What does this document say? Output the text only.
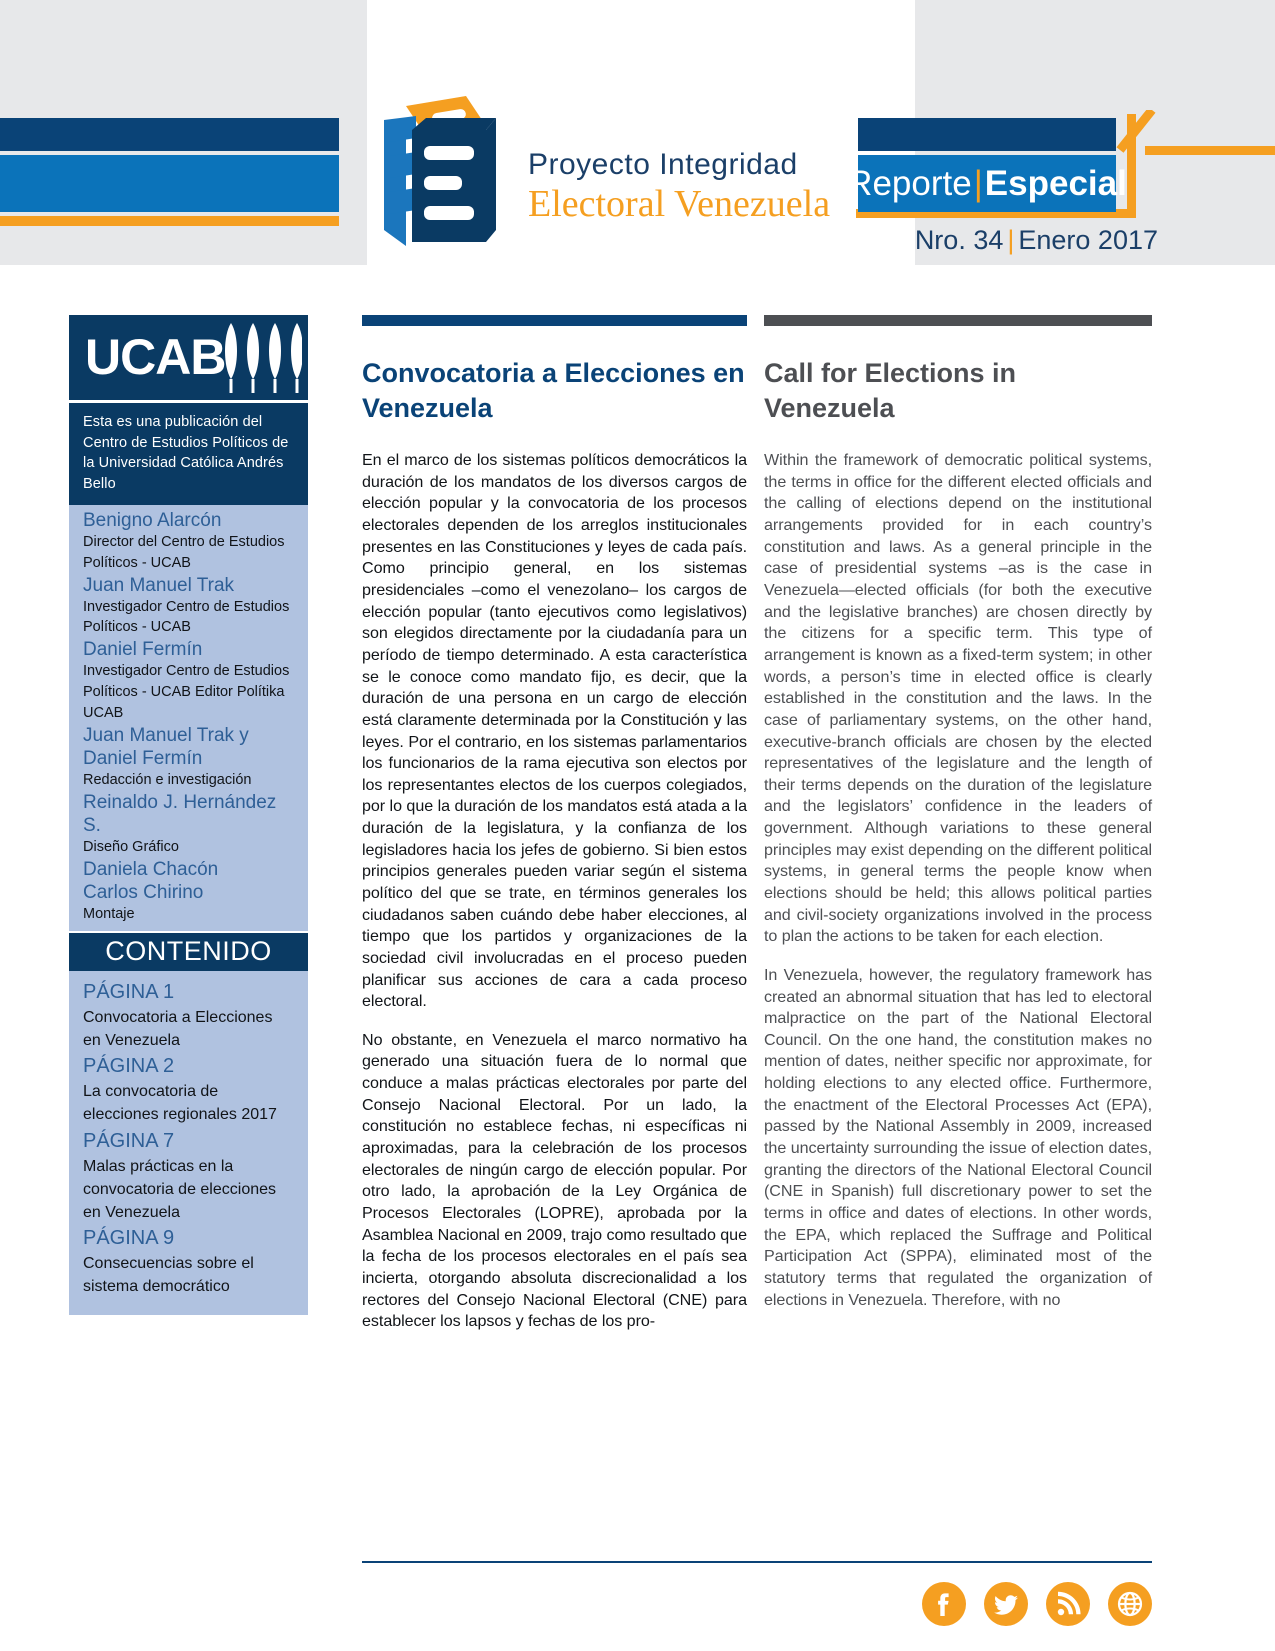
Proyecto Integridad
Electoral Venezuela Reporte|Especial
Nro. 34 | Enero 2017
UCAB

Esta es una publicación del Centro de Estudios Políticos de la Universidad Católica Andrés Bello

Benigno Alarcón
Director del Centro de Estudios Políticos - UCAB
Juan Manuel Trak
Investigador Centro de Estudios Políticos - UCAB
Daniel Fermín
Investigador Centro de Estudios Políticos - UCAB Editor Polítika UCAB
Juan Manuel Trak y Daniel Fermín
Redacción e investigación
Reinaldo J. Hernández S.
Diseño Gráfico
Daniela Chacón
Carlos Chirino
Montaje
CONTENIDO
PÁGINA 1
Convocatoria a Elecciones en Venezuela
PÁGINA 2
La convocatoria de elecciones regionales 2017
PÁGINA 7
Malas prácticas en la convocatoria de elecciones en Venezuela
PÁGINA 9
Consecuencias sobre el sistema democrático
Convocatoria a Elecciones en Venezuela

En el marco de los sistemas políticos democráticos la duración de los mandatos de los diversos cargos de elección popular y la convocatoria de los procesos electorales dependen de los arreglos institucionales presentes en las Constituciones y leyes de cada país. Como principio general, en los sistemas presidenciales –como el venezolano– los cargos de elección popular (tanto ejecutivos como legislativos) son elegidos directamente por la ciudadanía para un período de tiempo determinado. A esta característica se le conoce como mandato fijo, es decir, que la duración de una persona en un cargo de elección está claramente determinada por la Constitución y las leyes. Por el contrario, en los sistemas parlamentarios los funcionarios de la rama ejecutiva son electos por los representantes electos de los cuerpos colegiados, por lo que la duración de los mandatos está atada a la duración de la legislatura, y la confianza de los legisladores hacia los jefes de gobierno. Si bien estos principios generales pueden variar según el sistema político del que se trate, en términos generales los ciudadanos saben cuándo debe haber elecciones, al tiempo que los partidos y organizaciones de la sociedad civil involucradas en el proceso pueden planificar sus acciones de cara a cada proceso electoral.

No obstante, en Venezuela el marco normativo ha generado una situación fuera de lo normal que conduce a malas prácticas electorales por parte del Consejo Nacional Electoral. Por un lado, la constitución no establece fechas, ni específicas ni aproximadas, para la celebración de los procesos electorales de ningún cargo de elección popular. Por otro lado, la aprobación de la Ley Orgánica de Procesos Electorales (LOPRE), aprobada por la Asamblea Nacional en 2009, trajo como resultado que la fecha de los procesos electorales en el país sea incierta, otorgando absoluta discrecionalidad a los rectores del Consejo Nacional Electoral (CNE) para establecer los lapsos y fechas de los pro-

Call for Elections in Venezuela

Within the framework of democratic political systems, the terms in office for the different elected officials and the calling of elections depend on the institutional arrangements provided for in each country’s constitution and laws. As a general principle in the case of presidential systems –as is the case in Venezuela—elected officials (for both the executive and the legislative branches) are chosen directly by the citizens for a specific term. This type of arrangement is known as a fixed-term system; in other words, a person’s time in elected office is clearly established in the constitution and the laws. In the case of parliamentary systems, on the other hand, executive-branch officials are chosen by the elected representatives of the legislature and the length of their terms depends on the duration of the legislature and the legislators’ confidence in the leaders of government. Although variations to these general principles may exist depending on the different political systems, in general terms the people know when elections should be held; this allows political parties and civil-society organizations involved in the process to plan the actions to be taken for each election.

In Venezuela, however, the regulatory framework has created an abnormal situation that has led to electoral malpractice on the part of the National Electoral Council. On the one hand, the constitution makes no mention of dates, neither specific nor approximate, for holding elections to any elected office. Furthermore, the enactment of the Electoral Processes Act (EPA), passed by the National Assembly in 2009, increased the uncertainty surrounding the issue of election dates, granting the directors of the National Electoral Council (CNE in Spanish) full discretionary power to set the terms in office and dates of elections. In other words, the EPA, which replaced the Suffrage and Political Participation Act (SPPA), eliminated most of the statutory terms that regulated the organization of elections in Venezuela. Therefore, with no
